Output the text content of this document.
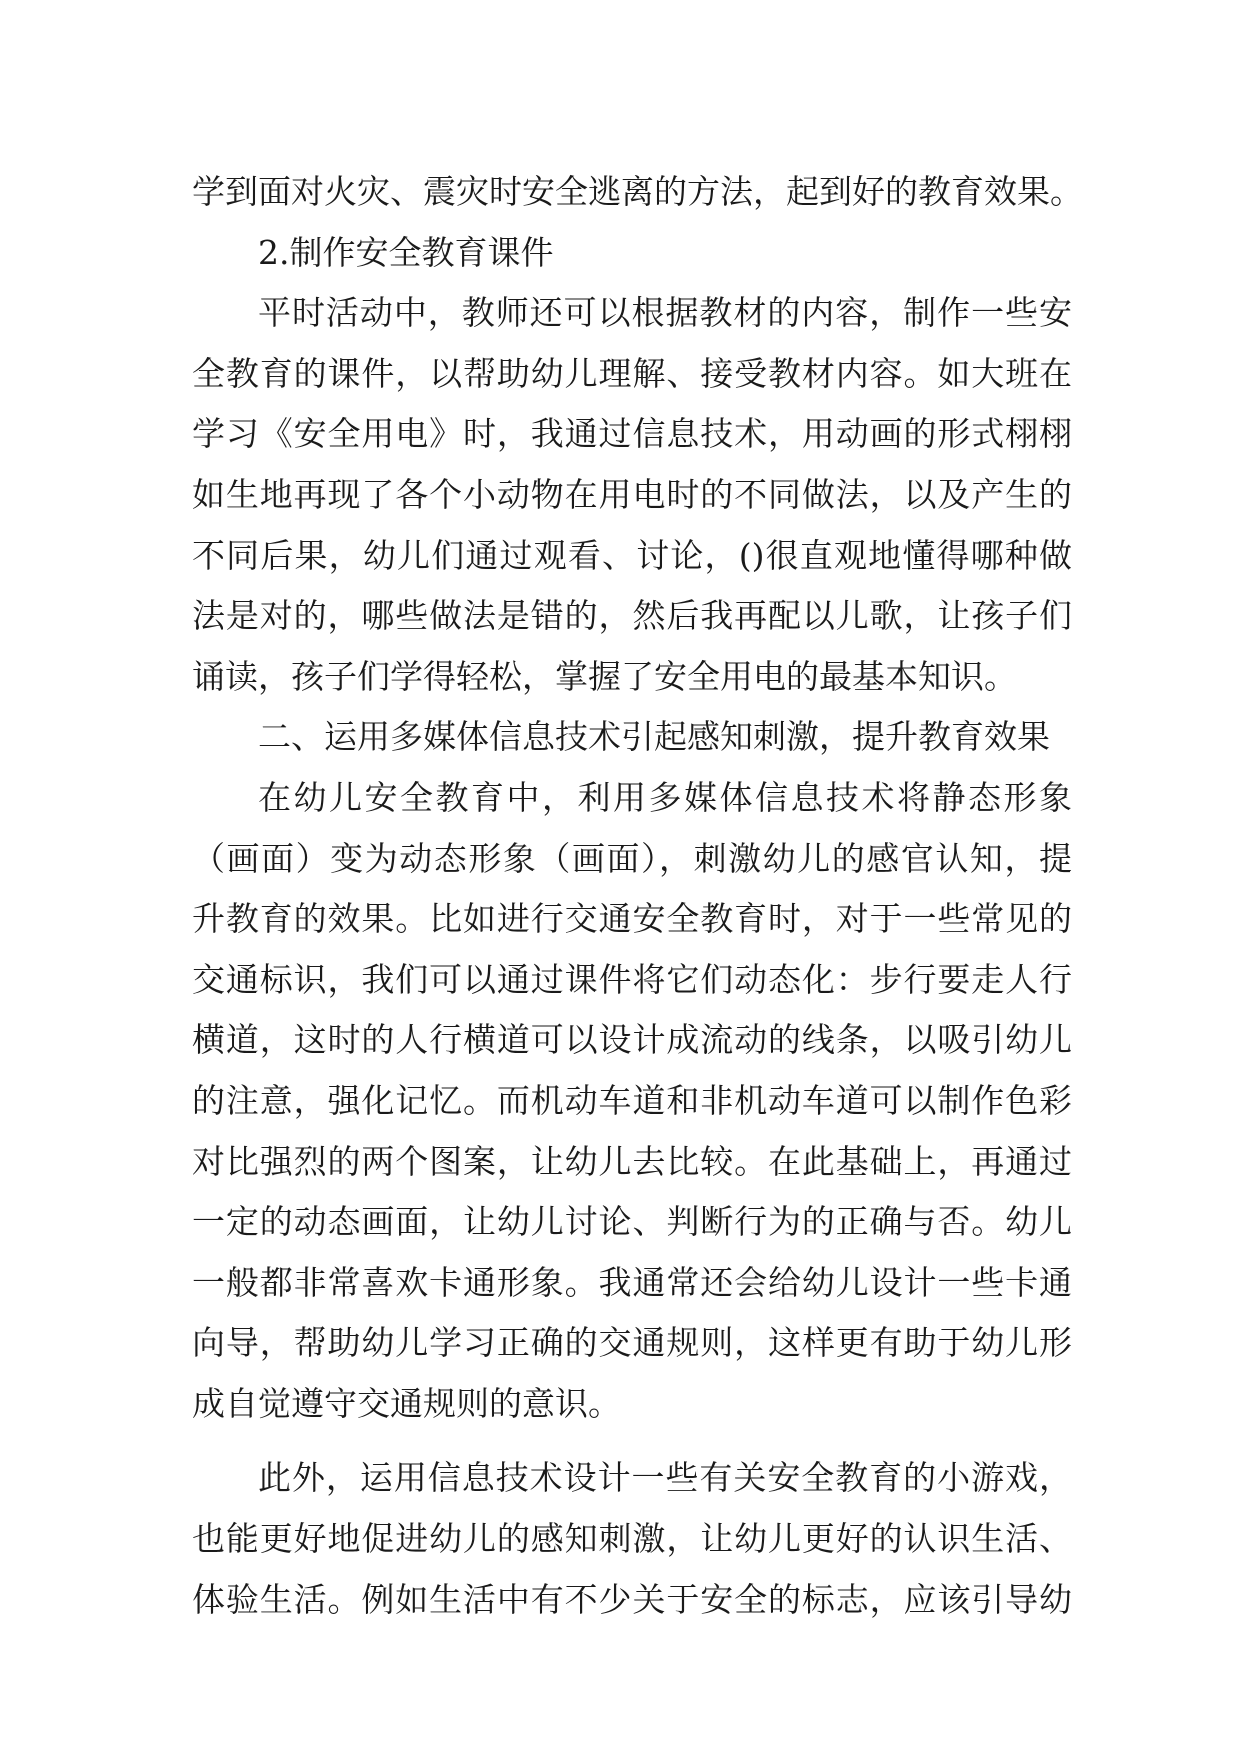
学到面对火灾、震灾时安全逃离的方法，起到好的教育效果。
2.制作安全教育课件
平时活动中，教师还可以根据教材的内容，制作一些安
全教育的课件，以帮助幼儿理解、接受教材内容。如大班在
学习《安全用电》时，我通过信息技术，用动画的形式栩栩
如生地再现了各个小动物在用电时的不同做法，以及产生的
不同后果，幼儿们通过观看、讨论，()很直观地懂得哪种做
法是对的，哪些做法是错的，然后我再配以儿歌，让孩子们
诵读，孩子们学得轻松，掌握了安全用电的最基本知识。
二、运用多媒体信息技术引起感知刺激，提升教育效果
在幼儿安全教育中，利用多媒体信息技术将静态形象
（画面）变为动态形象（画面），刺激幼儿的感官认知，提
升教育的效果。比如进行交通安全教育时，对于一些常见的
交通标识，我们可以通过课件将它们动态化：步行要走人行
横道，这时的人行横道可以设计成流动的线条，以吸引幼儿
的注意，强化记忆。而机动车道和非机动车道可以制作色彩
对比强烈的两个图案，让幼儿去比较。在此基础上，再通过
一定的动态画面，让幼儿讨论、判断行为的正确与否。幼儿
一般都非常喜欢卡通形象。我通常还会给幼儿设计一些卡通
向导，帮助幼儿学习正确的交通规则，这样更有助于幼儿形
成自觉遵守交通规则的意识。
此外，运用信息技术设计一些有关安全教育的小游戏，
也能更好地促进幼儿的感知刺激，让幼儿更好的认识生活、
体验生活。例如生活中有不少关于安全的标志，应该引导幼
